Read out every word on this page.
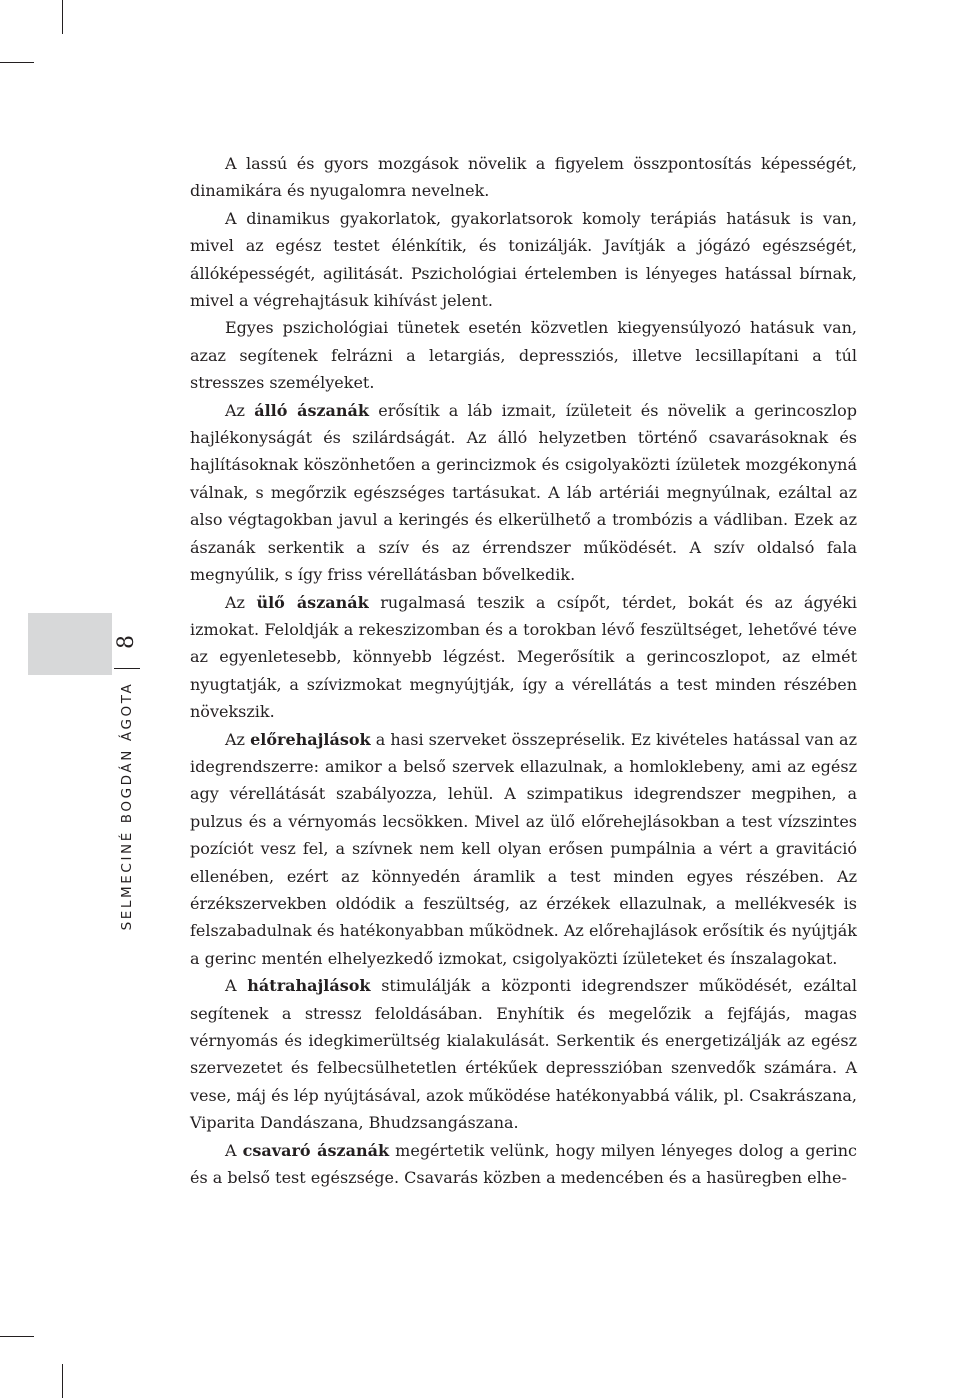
8
SELMECINÉ BOGDÁN ÁGOTA

A lassú és gyors mozgások növelik a figyelem összpontosítás képességét, dinamikára és nyugalomra nevelnek.

A dinamikus gyakorlatok, gyakorlatsorok komoly terápiás hatásuk is van, mivel az egész testet élénkítik, és tonizálják. Javítják a jógázó egészségét, állóképességét, agilitását. Pszichológiai értelemben is lényeges hatással bírnak, mivel a végrehajtásuk kihívást jelent.

Egyes pszichológiai tünetek esetén közvetlen kiegyensúlyozó hatásuk van, azaz segítenek felrázni a letargiás, depressziós, illetve lecsillapítani a túl stresszes személyeket.

Az álló ászanák erősítik a láb izmait, ízületeit és növelik a gerincoszlop hajlékonyságát és szilárdságát. Az álló helyzetben történő csavarásoknak és hajlításoknak köszönhetően a gerincizmok és csigolyaközti ízületek mozgékonyná válnak, s megőrzik egészséges tartásukat. A láb artériái megnyúlnak, ezáltal az also végtagokban javul a keringés és elkerülhető a trombózis a vádliban. Ezek az ászanák serkentik a szív és az érrendszer működését. A szív oldalsó fala megnyúlik, s így friss vérellátásban bővelkedik.

Az ülő ászanák rugalmasá teszik a csípőt, térdet, bokát és az ágyéki izmokat. Feloldják a rekeszizomban és a torokban lévő feszültséget, lehetővé téve az egyenletesebb, könnyebb légzést. Megerősítik a gerincoszlopot, az elmét nyugtatják, a szívizmokat megnyújtják, így a vérellátás a test minden részében növekszik.

Az előrehajlások a hasi szerveket összepréselik. Ez kivételes hatással van az idegrendszerre: amikor a belső szervek ellazulnak, a homloklebeny, ami az egész agy vérellátását szabályozza, lehül. A szimpatikus idegrendszer megpihen, a pulzus és a vérnyomás lecsökken. Mivel az ülő előrehejlásokban a test vízszintes pozíciót vesz fel, a szívnek nem kell olyan erősen pumpálnia a vért a gravitáció ellenében, ezért az könnyedén áramlik a test minden egyes részében. Az érzékszervekben oldódik a feszültség, az érzékek ellazulnak, a mellékvesék is felszabadulnak és hatékonyabban működnek. Az előrehajlások erősítik és nyújtják a gerinc mentén elhelyezkedő izmokat, csigolyaközti ízületeket és ínszalagokat.

A hátrahajlások stimulálják a központi idegrendszer működését, ezáltal segítenek a stressz feloldásában. Enyhítik és megelőzik a fejfájás, magas vérnyomás és idegkimerültség kialakulását. Serkentik és energetizálják az egész szervezetet és felbecsülhetetlen értékűek depresszióban szenvedők számára. A vese, máj és lép nyújtásával, azok működése hatékonyabbá válik, pl. Csakrászana, Viparita Dandászana, Bhudzsangászana.

A csavaró ászanák megértetik velünk, hogy milyen lényeges dolog a gerinc és a belső test egészsége. Csavarás közben a medencében és a hasüregben elhe-
